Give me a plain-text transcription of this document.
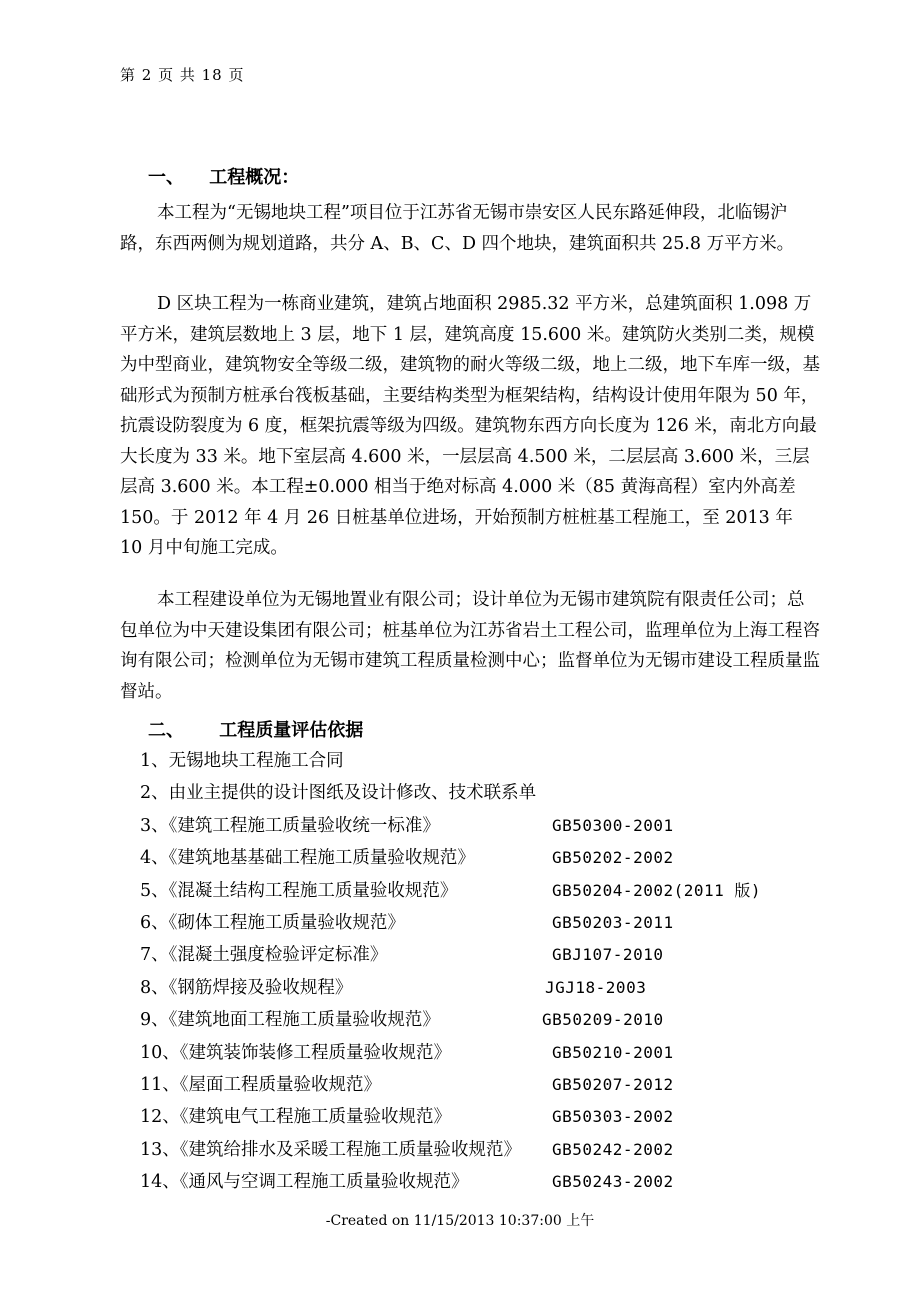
第 2 页 共 18 页
一、 工程概况：
本工程为“无锡地块工程”项目位于江苏省无锡市崇安区人民东路延伸段，北临锡沪路，东西两侧为规划道路，共分 A、B、C、D 四个地块，建筑面积共 25.8 万平方米。
D 区块工程为一栋商业建筑，建筑占地面积 2985.32 平方米，总建筑面积 1.098 万平方米，建筑层数地上 3 层，地下 1 层，建筑高度 15.600 米。建筑防火类别二类，规模为中型商业，建筑物安全等级二级，建筑物的耐火等级二级，地上二级，地下车库一级，基础形式为预制方桩承台筏板基础，主要结构类型为框架结构，结构设计使用年限为 50 年，抗震设防裂度为 6 度，框架抗震等级为四级。建筑物东西方向长度为 126 米，南北方向最大长度为 33 米。地下室层高 4.600 米，一层层高 4.500 米，二层层高 3.600 米，三层层高 3.600 米。本工程±0.000 相当于绝对标高 4.000 米（85 黄海高程）室内外高差 150。于 2012 年 4 月 26 日桩基单位进场，开始预制方桩桩基工程施工，至 2013 年 10 月中旬施工完成。
本工程建设单位为无锡地置业有限公司；设计单位为无锡市建筑院有限责任公司；总包单位为中天建设集团有限公司；桩基单位为江苏省岩土工程公司，监理单位为上海工程咨询有限公司；检测单位为无锡市建筑工程质量检测中心；监督单位为无锡市建设工程质量监督站。
二、 工程质量评估依据
1、无锡地块工程施工合同
2、由业主提供的设计图纸及设计修改、技术联系单
3、《建筑工程施工质量验收统一标准》	GB50300-2001
4、《建筑地基基础工程施工质量验收规范》	GB50202-2002
5、《混凝土结构工程施工质量验收规范》	GB50204-2002(2011 版)
6、《砌体工程施工质量验收规范》	GB50203-2011
7、《混凝土强度检验评定标准》	GBJ107-2010
8、《钢筋焊接及验收规程》	JGJ18-2003
9、《建筑地面工程施工质量验收规范》	GB50209-2010
10、《建筑装饰装修工程质量验收规范》	GB50210-2001
11、《屋面工程质量验收规范》	GB50207-2012
12、《建筑电气工程施工质量验收规范》	GB50303-2002
13、《建筑给排水及采暖工程施工质量验收规范》 GB50242-2002
14、《通风与空调工程施工质量验收规范》	GB50243-2002
-Created on 11/15/2013 10:37:00 上午
